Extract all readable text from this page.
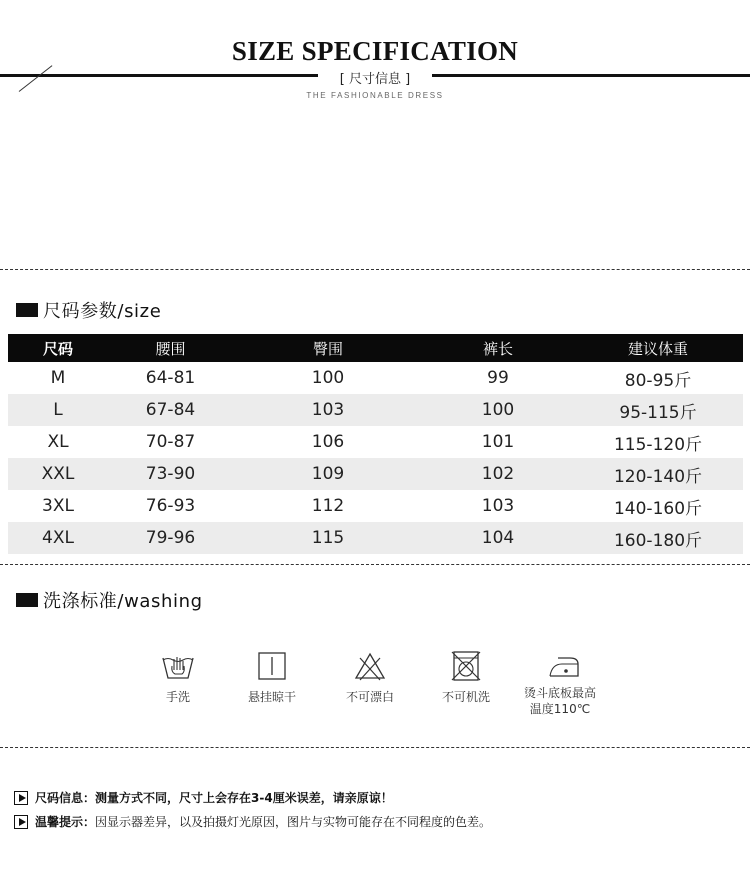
SIZE SPECIFICATION
[ 尺寸信息 ]
THE FASHIONABLE DRESS
尺码参数/size
尺码	腰围	臀围	裤长	建议体重
M	64-81	100	99	80-95斤
L	67-84	103	100	95-115斤
XL	70-87	106	101	115-120斤
XXL	73-90	109	102	120-140斤
3XL	76-93	112	103	140-160斤
4XL	79-96	115	104	160-180斤
洗涤标准/washing
手洗	悬挂晾干	不可漂白	不可机洗	烫斗底板最高
温度110℃
尺码信息： 测量方式不同，尺寸上会存在3-4厘米误差，请亲原谅！
温馨提示： 因显示器差异，以及拍摄灯光原因，图片与实物可能存在不同程度的色差。
